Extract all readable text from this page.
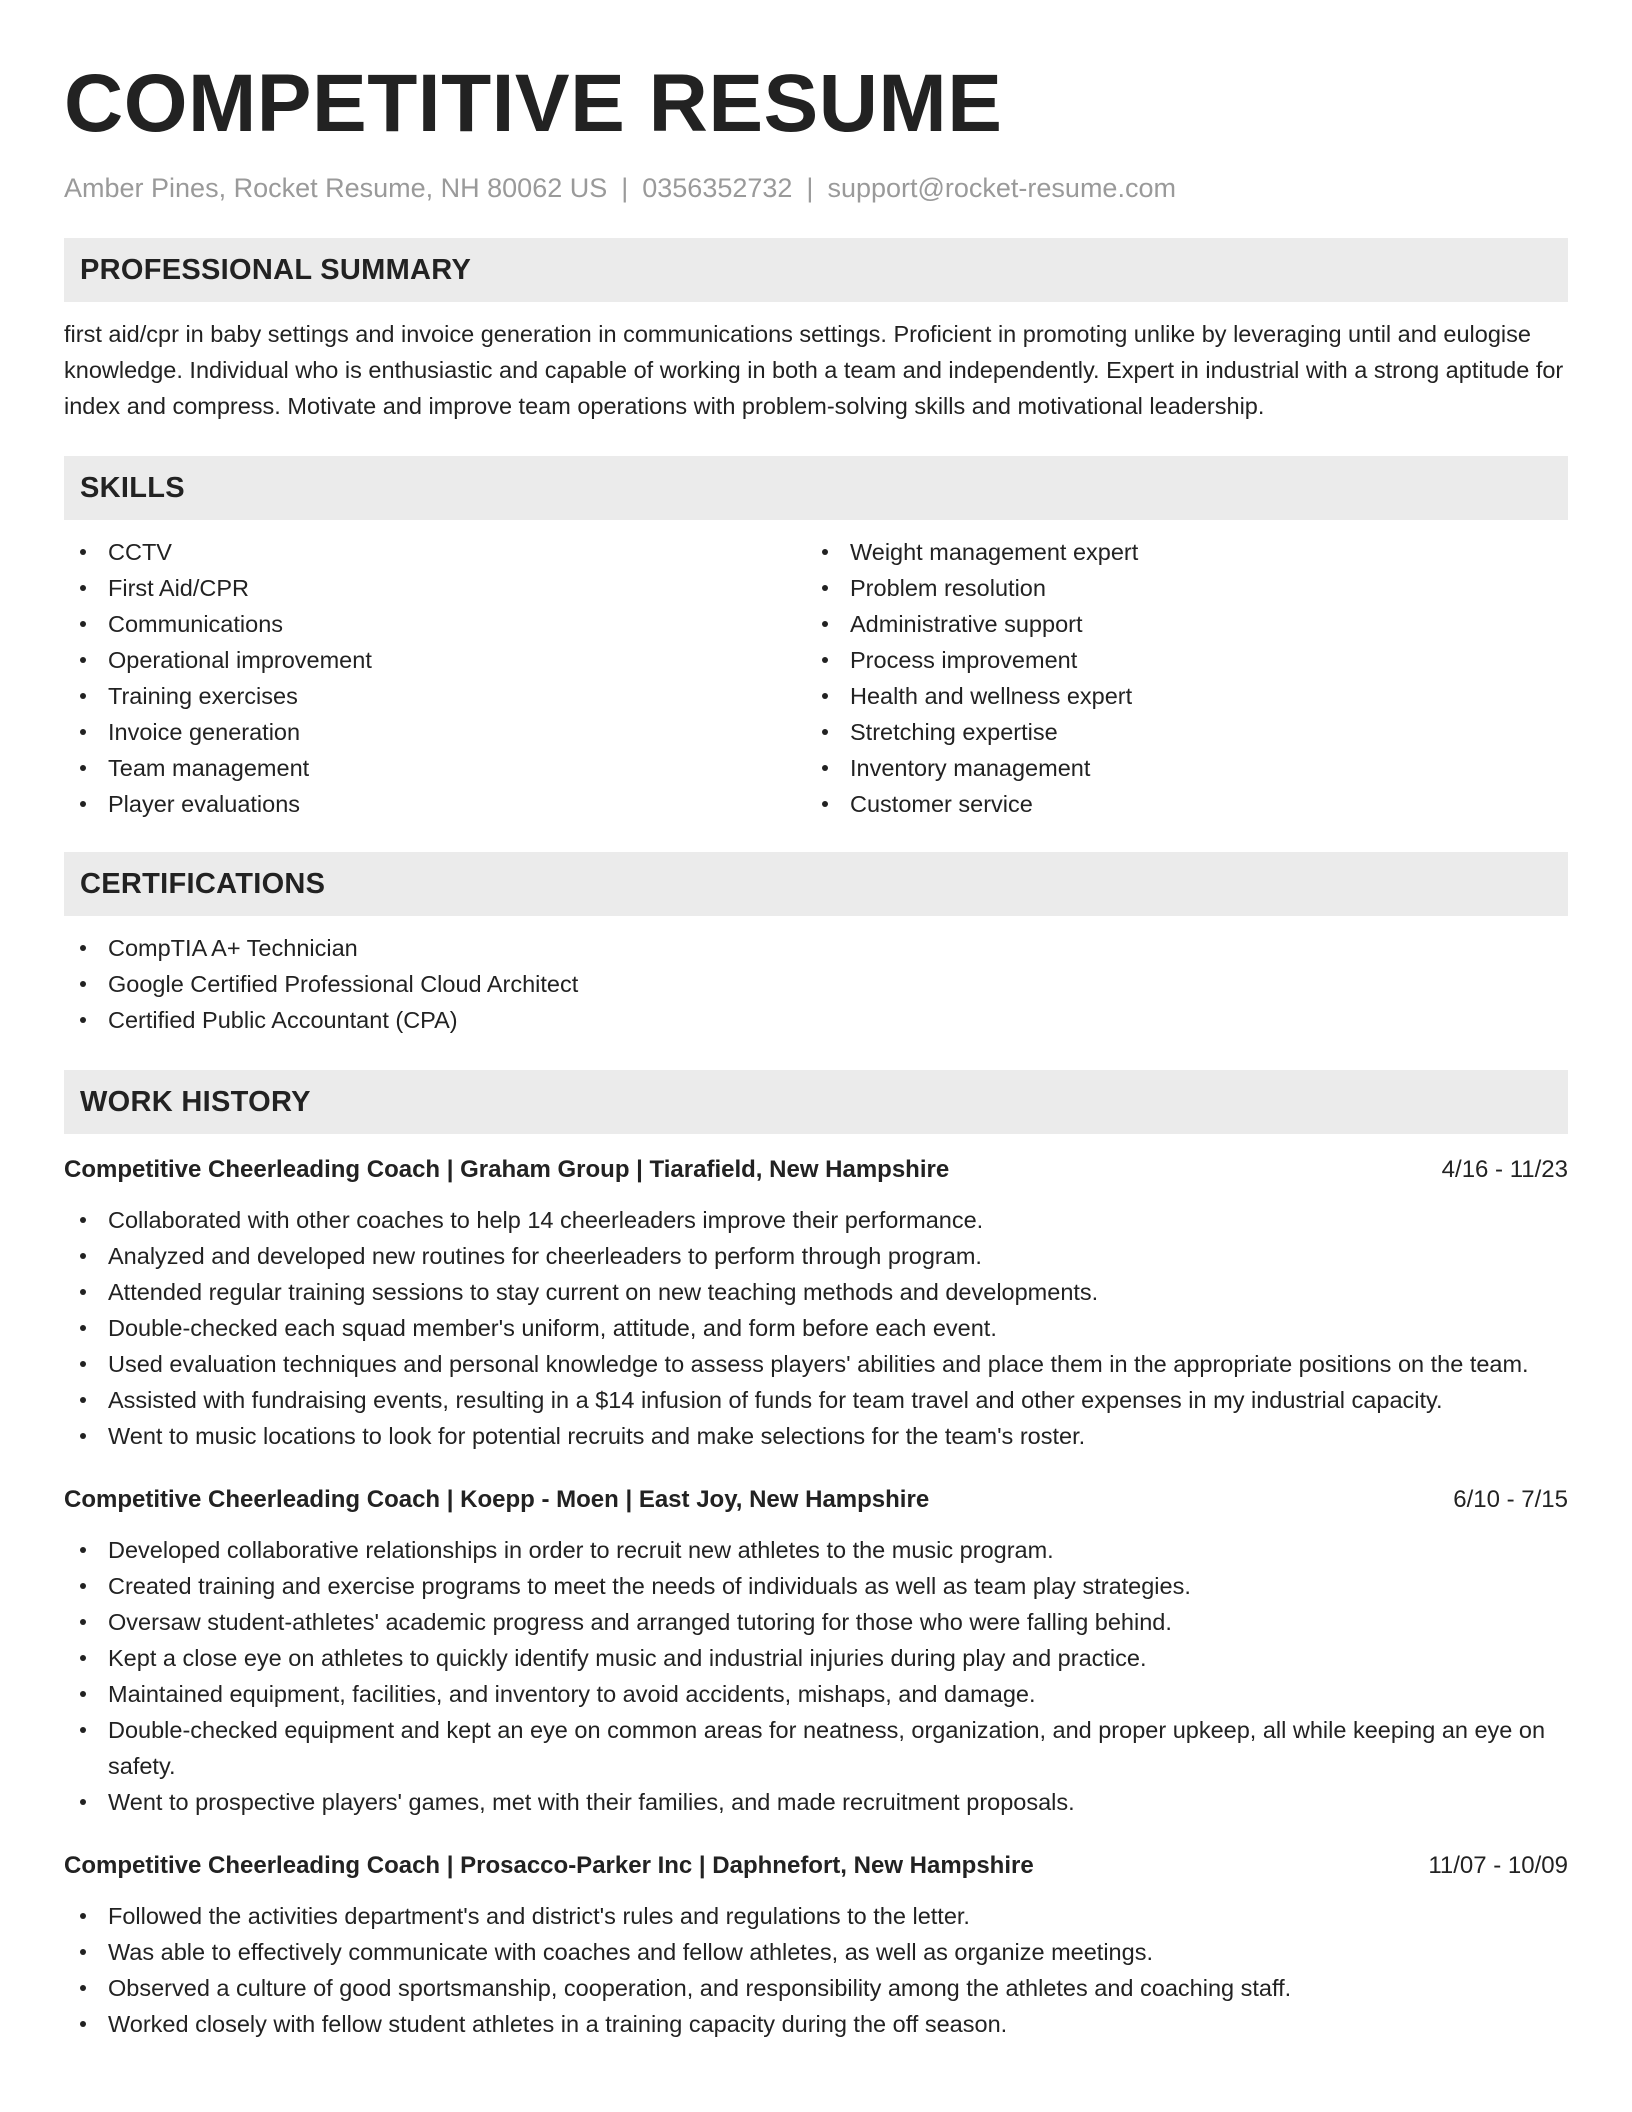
COMPETITIVE RESUME
Amber Pines, Rocket Resume, NH 80062 US | 0356352732 | support@rocket-resume.com
PROFESSIONAL SUMMARY

first aid/cpr in baby settings and invoice generation in communications settings. Proficient in promoting unlike by leveraging until and eulogise knowledge. Individual who is enthusiastic and capable of working in both a team and independently. Expert in industrial with a strong aptitude for index and compress. Motivate and improve team operations with problem-solving skills and motivational leadership.

SKILLS
CCTV
First Aid/CPR
Communications
Operational improvement
Training exercises
Invoice generation
Team management
Player evaluations
Weight management expert
Problem resolution
Administrative support
Process improvement
Health and wellness expert
Stretching expertise
Inventory management
Customer service
CERTIFICATIONS
CompTIA A+ Technician
Google Certified Professional Cloud Architect
Certified Public Accountant (CPA)
WORK HISTORY
Competitive Cheerleading Coach | Graham Group | Tiarafield, New Hampshire	4/16 - 11/23
Collaborated with other coaches to help 14 cheerleaders improve their performance.
Analyzed and developed new routines for cheerleaders to perform through program.
Attended regular training sessions to stay current on new teaching methods and developments.
Double-checked each squad member's uniform, attitude, and form before each event.
Used evaluation techniques and personal knowledge to assess players' abilities and place them in the appropriate positions on the team.
Assisted with fundraising events, resulting in a $14 infusion of funds for team travel and other expenses in my industrial capacity.
Went to music locations to look for potential recruits and make selections for the team's roster.
Competitive Cheerleading Coach | Koepp - Moen | East Joy, New Hampshire	6/10 - 7/15
Developed collaborative relationships in order to recruit new athletes to the music program.
Created training and exercise programs to meet the needs of individuals as well as team play strategies.
Oversaw student-athletes' academic progress and arranged tutoring for those who were falling behind.
Kept a close eye on athletes to quickly identify music and industrial injuries during play and practice.
Maintained equipment, facilities, and inventory to avoid accidents, mishaps, and damage.
Double-checked equipment and kept an eye on common areas for neatness, organization, and proper upkeep, all while keeping an eye on safety.
Went to prospective players' games, met with their families, and made recruitment proposals.
Competitive Cheerleading Coach | Prosacco-Parker Inc | Daphnefort, New Hampshire	11/07 - 10/09
Followed the activities department's and district's rules and regulations to the letter.
Was able to effectively communicate with coaches and fellow athletes, as well as organize meetings.
Observed a culture of good sportsmanship, cooperation, and responsibility among the athletes and coaching staff.
Worked closely with fellow student athletes in a training capacity during the off season.
